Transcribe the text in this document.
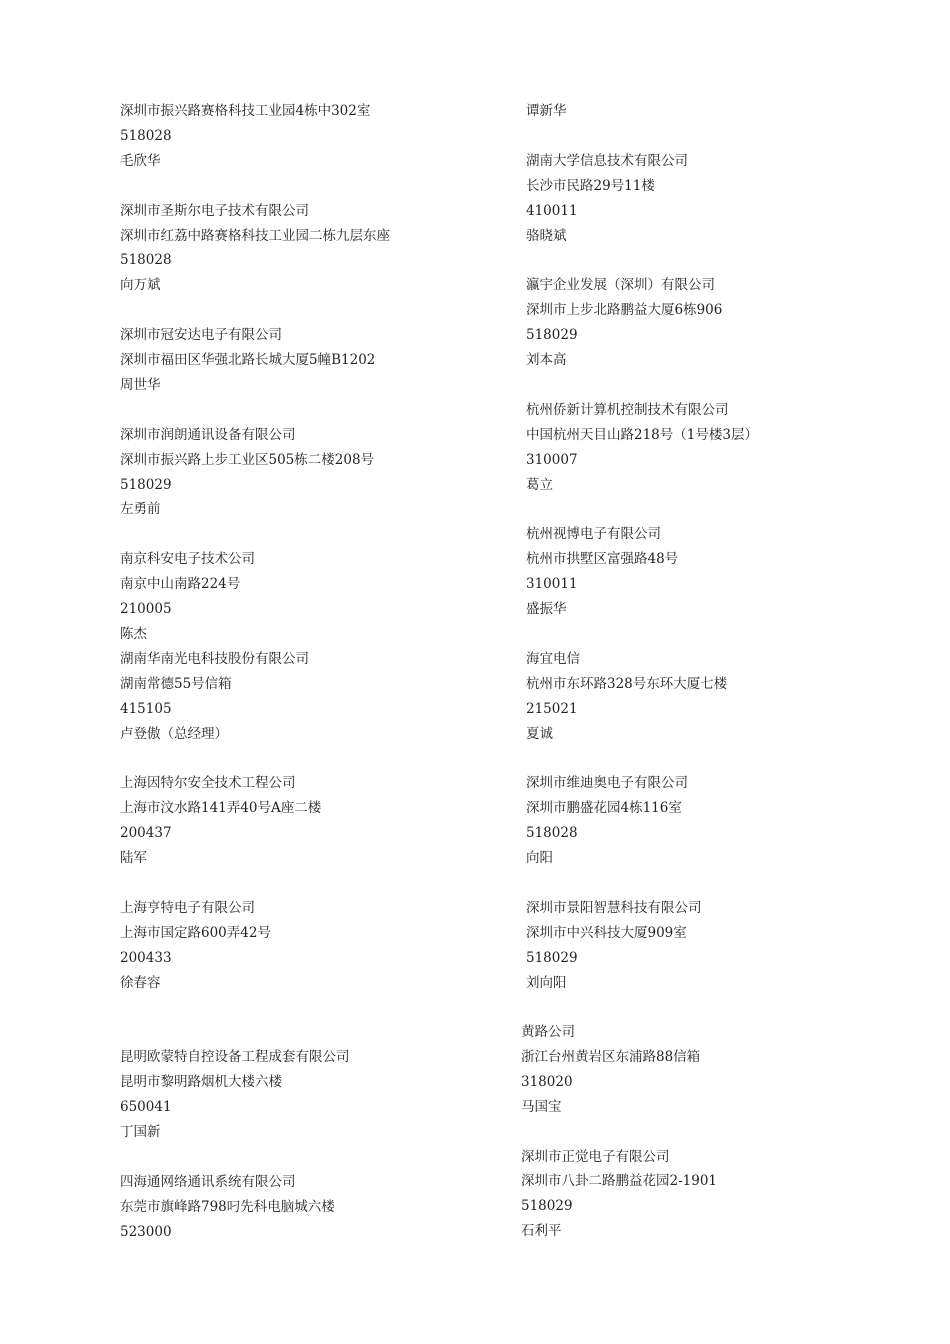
深圳市振兴路赛格科技工业园4栋中302室
518028
毛欣华
深圳市圣斯尔电子技术有限公司
深圳市红荔中路赛格科技工业园二栋九层东座
518028
向万斌
深圳市冠安达电子有限公司
深圳市福田区华强北路长城大厦5幢B1202
周世华
深圳市润朗通讯设备有限公司
深圳市振兴路上步工业区505栋二楼208号
518029
左勇前
南京科安电子技术公司
南京中山南路224号
210005
陈杰
湖南华南光电科技股份有限公司
湖南常德55号信箱
415105
卢登傲（总经理）
上海因特尔安全技术工程公司
上海市汶水路141弄40号A座二楼
200437
陆军
上海亨特电子有限公司
上海市国定路600弄42号
200433
徐春容
昆明欧蒙特自控设备工程成套有限公司
昆明市黎明路烟机大楼六楼
650041
丁国新
四海通网络通讯系统有限公司
东莞市旗峰路798叼先科电脑城六楼
523000
谭新华
湖南大学信息技术有限公司
长沙市民路29号11楼
410011
骆晓斌
瀛宇企业发展（深圳）有限公司
深圳市上步北路鹏益大厦6栋906
518029
刘本高
杭州侨新计算机控制技术有限公司
中国杭州天目山路218号（1号楼3层）
310007
葛立
杭州视博电子有限公司
杭州市拱墅区富强路48号
310011
盛振华
海宜电信
杭州市东环路328号东环大厦七楼
215021
夏诚
深圳市维迪奥电子有限公司
深圳市鹏盛花园4栋116室
518028
向阳
深圳市景阳智慧科技有限公司
深圳市中兴科技大厦909室
518029
刘向阳
黄路公司
浙江台州黄岩区东浦路88信箱
318020
马国宝
深圳市正觉电子有限公司
深圳市八卦二路鹏益花园2-1901
518029
石利平
